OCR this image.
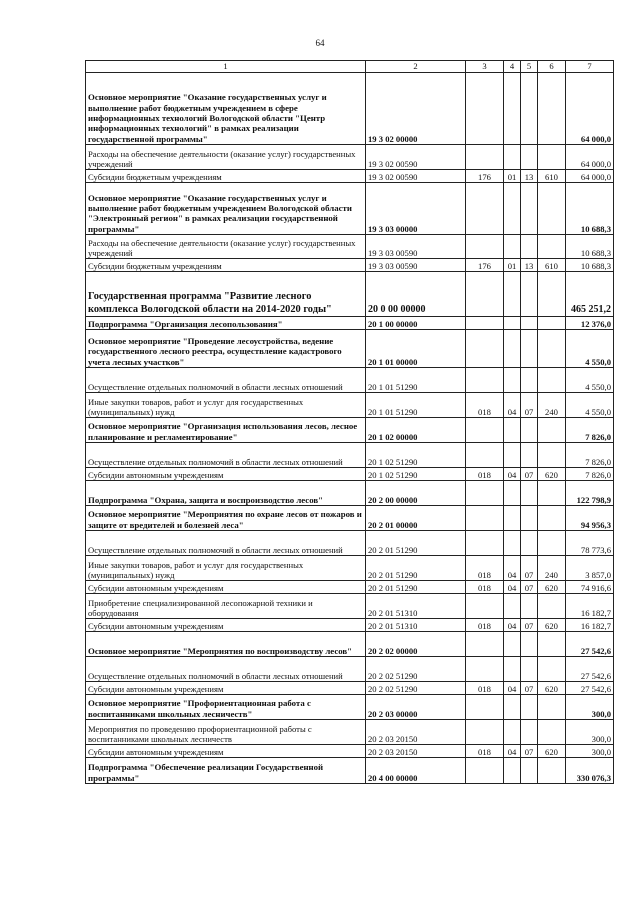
64
1	2	3	4	5	6	7
Основное мероприятие "Оказание государственных услуг и выполнение работ бюджетным учреждением в сфере информационных технологий Вологодской области "Центр информационных технологий" в рамках реализации государственной программы"	19 3 02 00000					64 000,0
Расходы на обеспечение деятельности (оказание услуг) государственных учреждений	19 3 02 00590					64 000,0
Субсидии бюджетным учреждениям	19 3 02 00590	176	01	13	610	64 000,0
Основное мероприятие "Оказание государственных услуг и выполнение работ бюджетным учреждением Вологодской области "Электронный регион" в рамках реализации государственной программы"	19 3 03 00000					10 688,3
Расходы на обеспечение деятельности (оказание услуг) государственных учреждений	19 3 03 00590					10 688,3
Субсидии бюджетным учреждениям	19 3 03 00590	176	01	13	610	10 688,3
Государственная программа "Развитие лесного комплекса Вологодской области на 2014-2020 годы"	20 0 00 00000					465 251,2
Подпрограмма "Организация лесопользования"	20 1 00 00000					12 376,0
Основное мероприятие "Проведение лесоустройства, ведение государственного лесного реестра, осуществление кадастрового учета лесных участков"	20 1 01 00000					4 550,0
Осуществление отдельных полномочий в области лесных отношений	20 1 01 51290					4 550,0
Иные закупки товаров, работ и услуг для государственных (муниципальных) нужд	20 1 01 51290	018	04	07	240	4 550,0
Основное мероприятие "Организация использования лесов, лесное планирование и регламентирование"	20 1 02 00000					7 826,0
Осуществление отдельных полномочий в области лесных отношений	20 1 02 51290					7 826,0
Субсидии автономным учреждениям	20 1 02 51290	018	04	07	620	7 826,0
Подпрограмма "Охрана, защита и воспроизводство лесов"	20 2 00 00000					122 798,9
Основное мероприятие "Мероприятия по охране лесов от пожаров и защите от вредителей и болезней леса"	20 2 01 00000					94 956,3
Осуществление отдельных полномочий в области лесных отношений	20 2 01 51290					78 773,6
Иные закупки товаров, работ и услуг для государственных (муниципальных) нужд	20 2 01 51290	018	04	07	240	3 857,0
Субсидии автономным учреждениям	20 2 01 51290	018	04	07	620	74 916,6
Приобретение специализированной лесопожарной техники и оборудования	20 2 01 51310					16 182,7
Субсидии автономным учреждениям	20 2 01 51310	018	04	07	620	16 182,7
Основное мероприятие "Мероприятия по воспроизводству лесов"	20 2 02 00000					27 542,6
Осуществление отдельных полномочий в области лесных отношений	20 2 02 51290					27 542,6
Субсидии автономным учреждениям	20 2 02 51290	018	04	07	620	27 542,6
Основное мероприятие "Профориентационная работа с воспитанниками школьных лесничеств"	20 2 03 00000					300,0
Мероприятия по проведению профориентационной работы с воспитанниками школьных лесничеств	20 2 03 20150					300,0
Субсидии автономным учреждениям	20 2 03 20150	018	04	07	620	300,0
Подпрограмма "Обеспечение реализации Государственной программы"	20 4 00 00000					330 076,3
